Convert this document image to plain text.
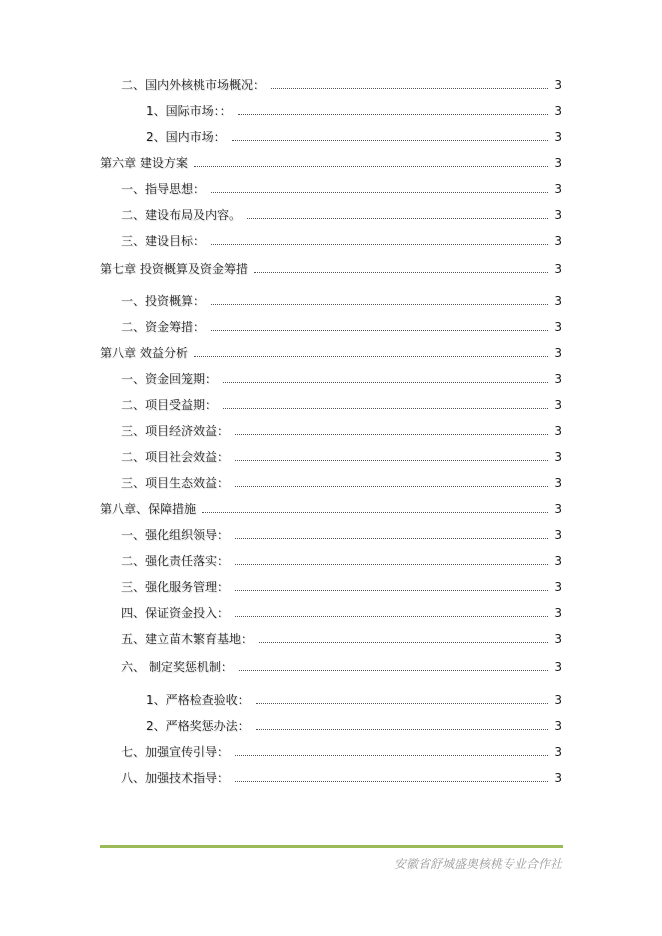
二、国内外核桃市场概况：	3
1、国际市场：：	3
2、国内市场：	3
第六章 建设方案	3
一、指导思想：	3
二、建设布局及内容。	3
三、建设目标：	3
第七章 投资概算及资金筹措	3
一、投资概算：	3
二、资金筹措：	3
第八章 效益分析	3
一、资金回笼期：	3
二、项目受益期：	3
三、项目经济效益：	3
二、项目社会效益：	3
三、项目生态效益：	3
第八章、保障措施	3
一、强化组织领导：	3
二、强化责任落实：	3
三、强化服务管理：	3
四、保证资金投入：	3
五、建立苗木繁育基地：	3
六、 制定奖惩机制：	3
1、严格检查验收：	3
2、严格奖惩办法：	3
七、加强宣传引导：	3
八、加强技术指导：	3
安徽省舒城盛奥核桃专业合作社
